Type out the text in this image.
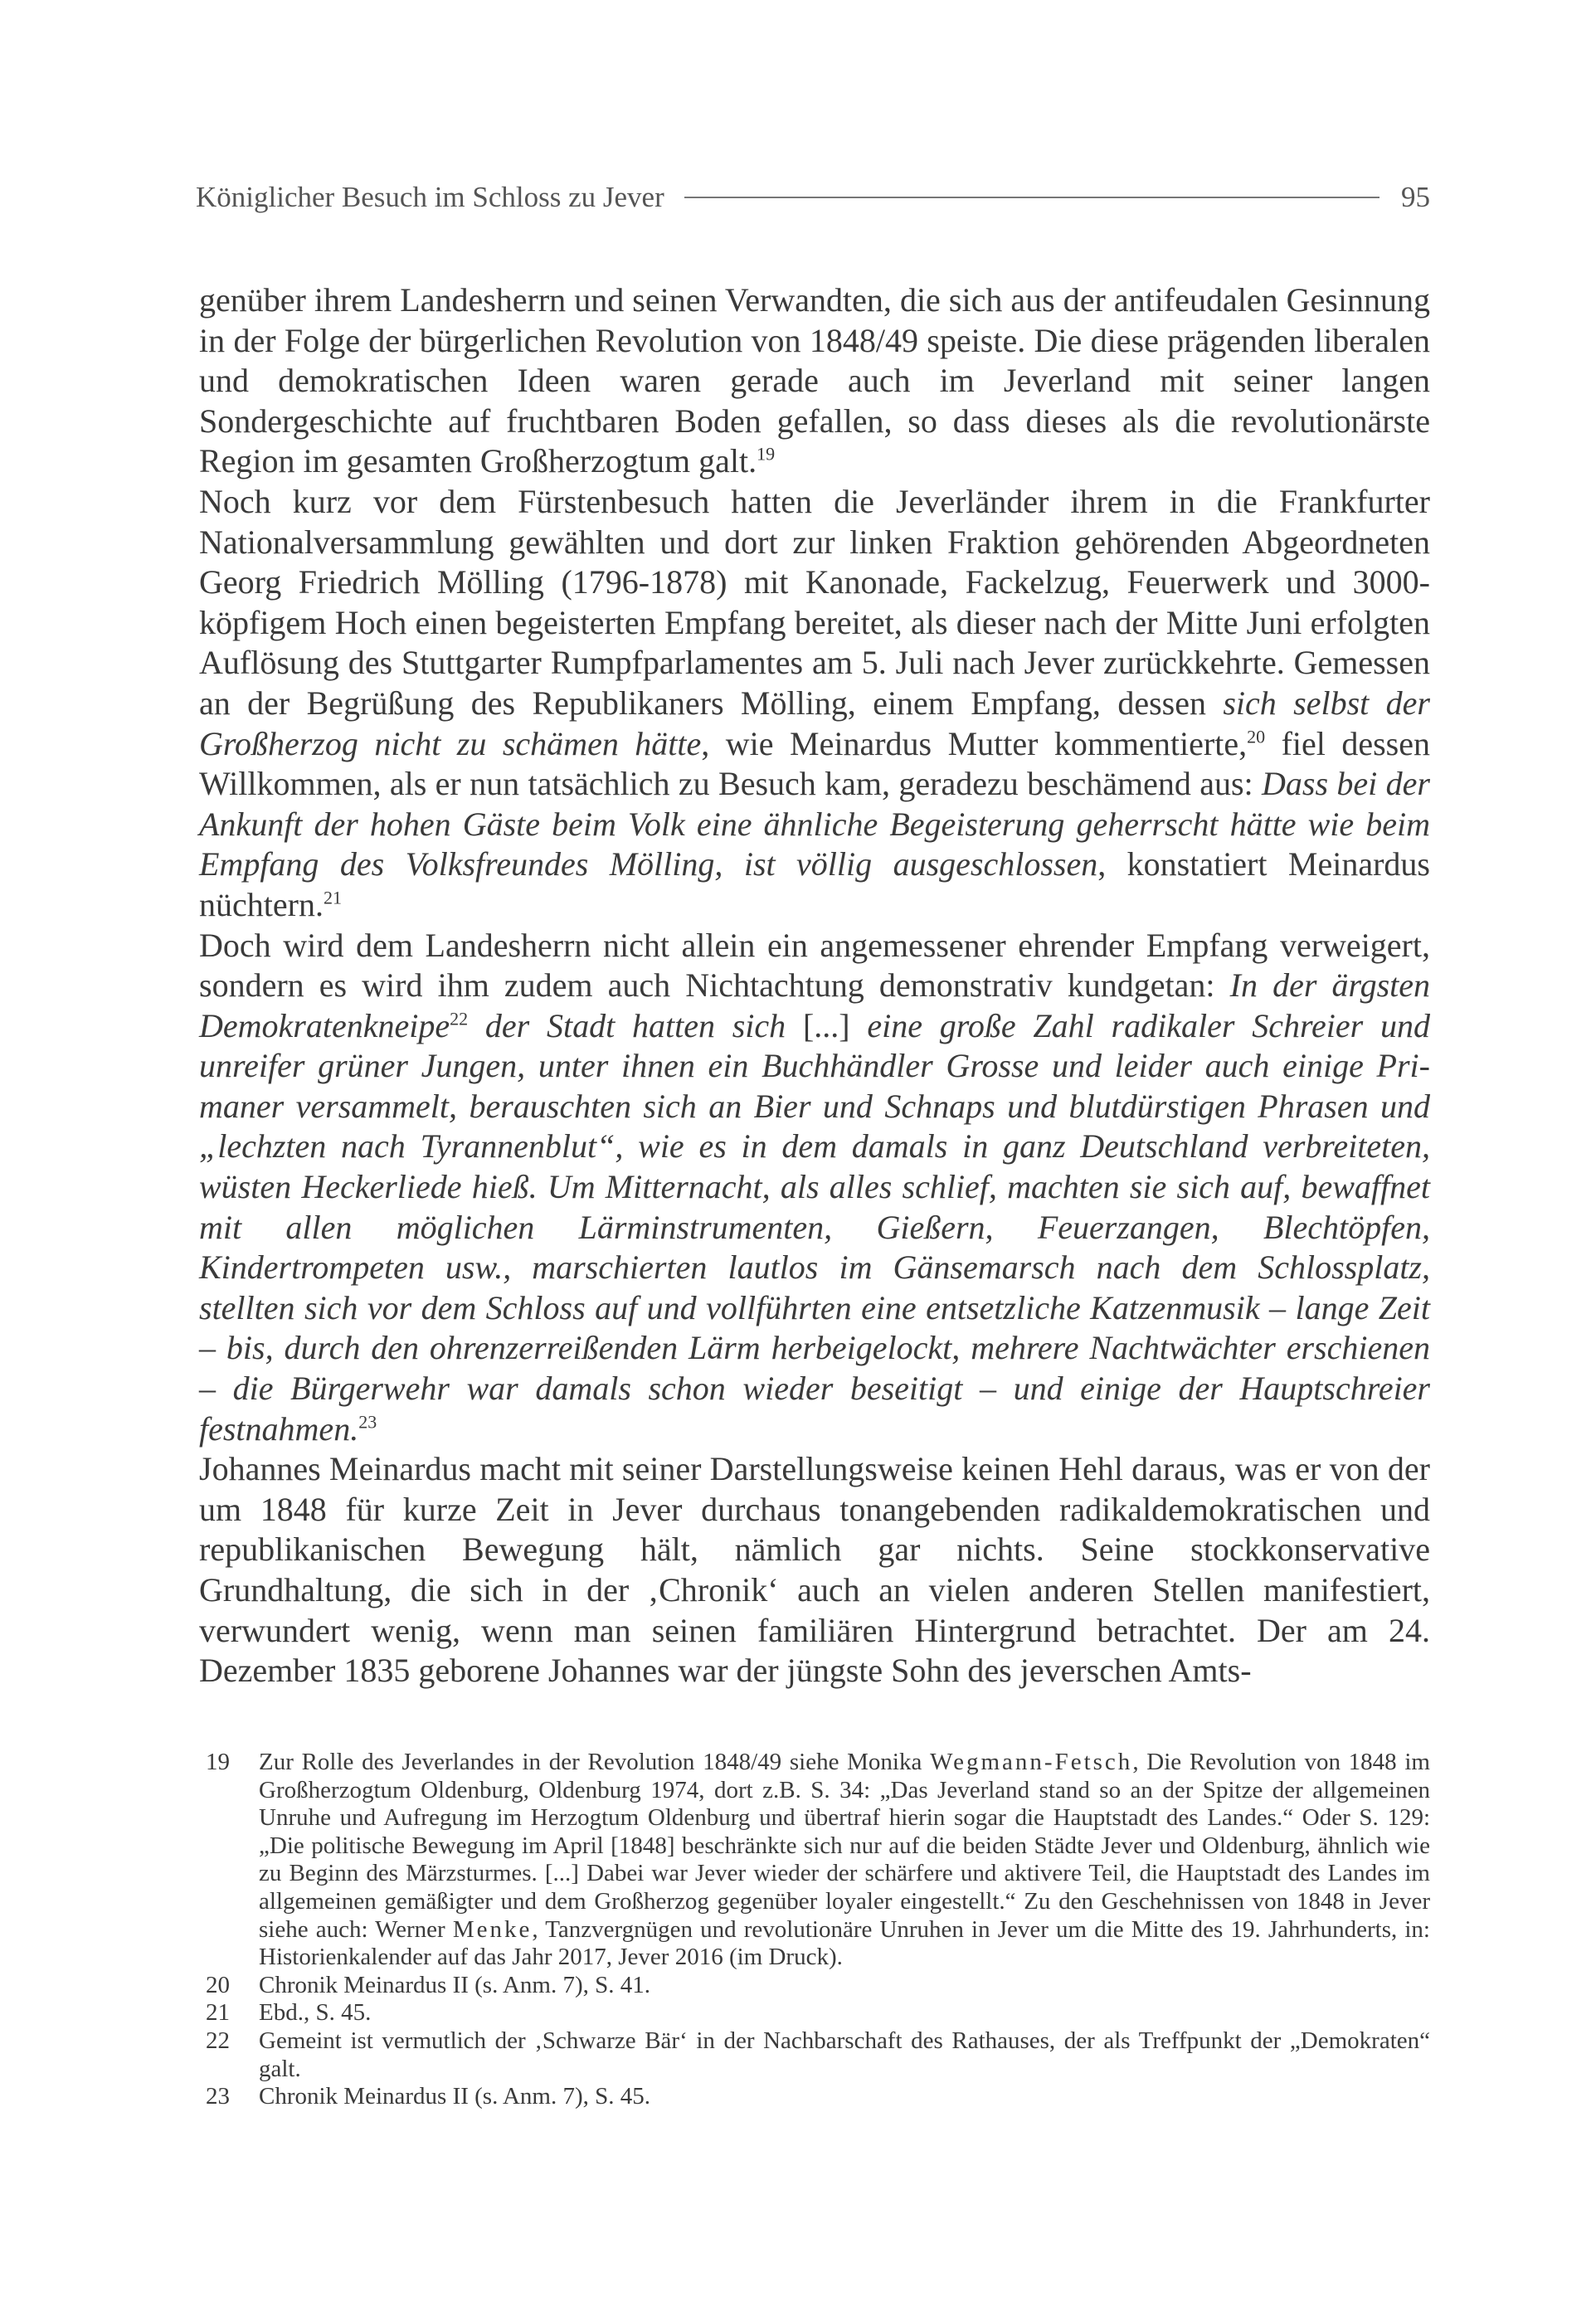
Königlicher Besuch im Schloss zu Jever	95

genüber ihrem Landesherrn und seinen Verwandten, die sich aus der antifeudalen Gesinnung in der Folge der bürgerlichen Revolution von 1848/49 speiste. Die diese prägenden liberalen und demokratischen Ideen waren gerade auch im Jeverland mit seiner langen Sondergeschichte auf fruchtbaren Boden gefallen, so dass dieses als die revolutionärste Region im gesamten Großherzogtum galt.$^{19}$

Noch kurz vor dem Fürstenbesuch hatten die Jeverländer ihrem in die Frankfurter Nationalversammlung gewählten und dort zur linken Fraktion gehörenden Abgeordneten Georg Friedrich Mölling (1796-1878) mit Kanonade, Fackelzug, Feuerwerk und 3000-köpfigem Hoch einen begeisterten Empfang bereitet, als dieser nach der Mitte Juni erfolgten Auflösung des Stuttgarter Rumpfparlamentes am 5. Juli nach Jever zurückkehrte. Gemessen an der Begrüßung des Republikaners Mölling, einem Empfang, dessen sich selbst der Großherzog nicht zu schämen hätte, wie Meinardus Mutter kommentierte,$^{20}$ fiel dessen Willkommen, als er nun tatsächlich zu Besuch kam, geradezu beschämend aus: Dass bei der Ankunft der hohen Gäste beim Volk eine ähnliche Begeisterung geherrscht hätte wie beim Empfang des Volksfreundes Mölling, ist völlig ausgeschlossen, konstatiert Meinardus nüchtern.$^{21}$

Doch wird dem Landesherrn nicht allein ein angemessener ehrender Empfang verweigert, sondern es wird ihm zudem auch Nichtachtung demonstrativ kundgetan: In der ärgsten Demokratenkneipe$^{22}$ der Stadt hatten sich [...] eine große Zahl radikaler Schreier und unreifer grüner Jungen, unter ihnen ein Buchhändler Grosse und leider auch einige Primaner versammelt, berauschten sich an Bier und Schnaps und blutdürstigen Phrasen und „lechzten nach Tyrannenblut“, wie es in dem damals in ganz Deutschland verbreiteten, wüsten Heckerliede hieß. Um Mitternacht, als alles schlief, machten sie sich auf, bewaffnet mit allen möglichen Lärminstrumenten, Gießern, Feuerzangen, Blechtöpfen, Kindertrompeten usw., marschierten lautlos im Gänsemarsch nach dem Schlossplatz, stellten sich vor dem Schloss auf und vollführten eine entsetzliche Katzenmusik – lange Zeit – bis, durch den ohrenzerreißenden Lärm herbeigelockt, mehrere Nachtwächter erschienen – die Bürgerwehr war damals schon wieder beseitigt – und einige der Hauptschreier festnahmen.$^{23}$

Johannes Meinardus macht mit seiner Darstellungsweise keinen Hehl daraus, was er von der um 1848 für kurze Zeit in Jever durchaus tonangebenden radikaldemokratischen und republikanischen Bewegung hält, nämlich gar nichts. Seine stockkonservative Grundhaltung, die sich in der ‚Chronik‘ auch an vielen anderen Stellen manifestiert, verwundert wenig, wenn man seinen familiären Hintergrund betrachtet. Der am 24. Dezember 1835 geborene Johannes war der jüngste Sohn des jeverschen Amts-

19	Zur Rolle des Jeverlandes in der Revolution 1848/49 siehe Monika Wegmann-Fetsch, Die Revolution von 1848 im Großherzogtum Oldenburg, Oldenburg 1974, dort z.B. S. 34: „Das Jeverland stand so an der Spitze der allgemeinen Unruhe und Aufregung im Herzogtum Oldenburg und übertraf hierin sogar die Hauptstadt des Landes.“ Oder S. 129: „Die politische Bewegung im April [1848] beschränkte sich nur auf die beiden Städte Jever und Oldenburg, ähnlich wie zu Beginn des Märzsturmes. [...] Dabei war Jever wieder der schärfere und aktivere Teil, die Hauptstadt des Landes im allgemeinen gemäßigter und dem Großherzog gegenüber loyaler eingestellt.“ Zu den Geschehnissen von 1848 in Jever siehe auch: Werner Menke, Tanzvergnügen und revolutionäre Unruhen in Jever um die Mitte des 19. Jahrhunderts, in: Historienkalender auf das Jahr 2017, Jever 2016 (im Druck).
20	Chronik Meinardus II (s. Anm. 7), S. 41.
21	Ebd., S. 45.
22	Gemeint ist vermutlich der ‚Schwarze Bär‘ in der Nachbarschaft des Rathauses, der als Treffpunkt der „Demokraten“ galt.
23	Chronik Meinardus II (s. Anm. 7), S. 45.
